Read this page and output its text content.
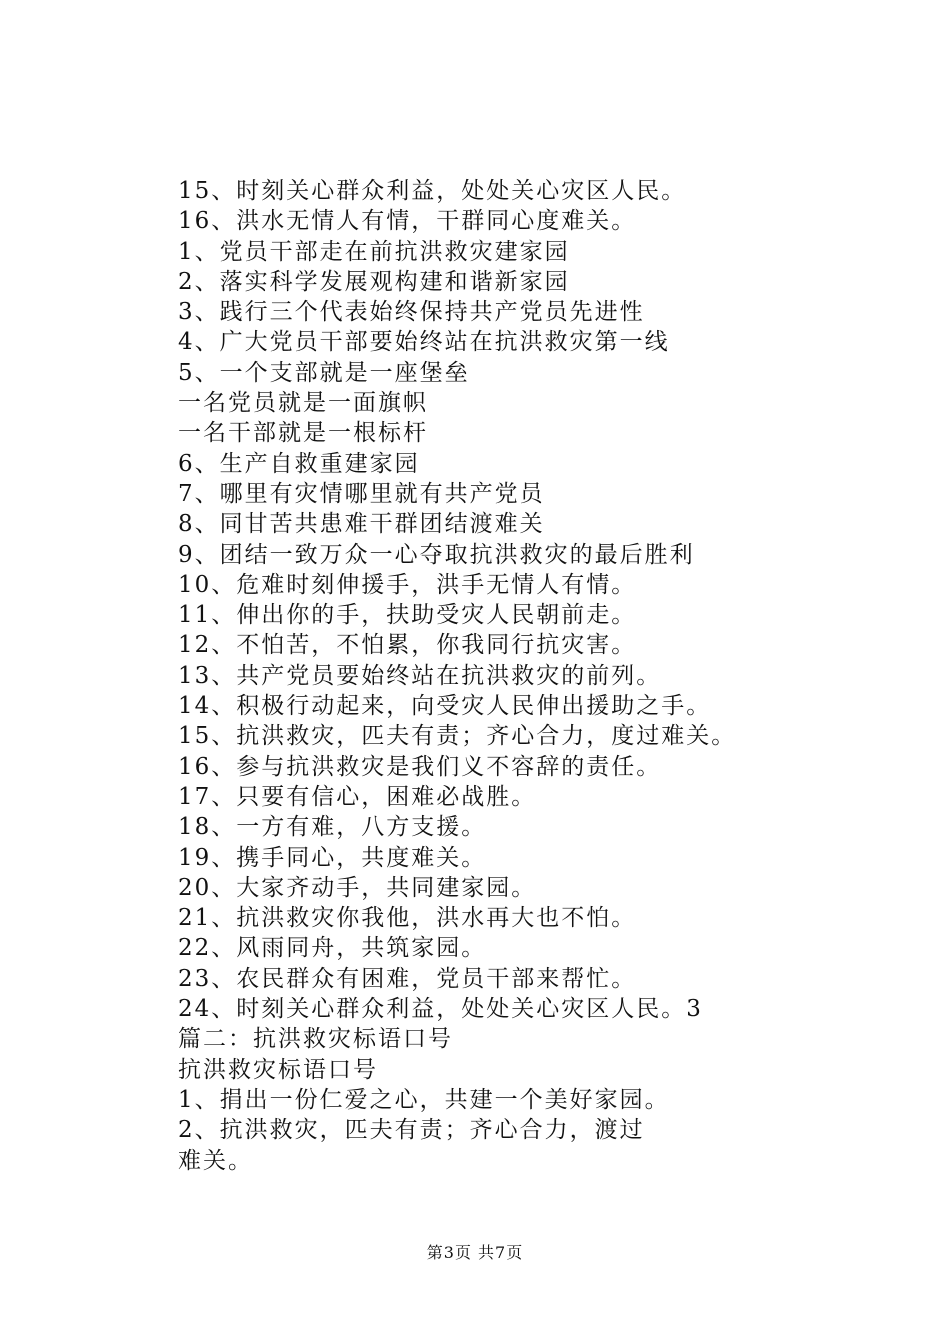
15、时刻关心群众利益，处处关心灾区人民。
16、洪水无情人有情，干群同心度难关。
1、党员干部走在前抗洪救灾建家园
2、落实科学发展观构建和谐新家园
3、践行三个代表始终保持共产党员先进性
4、广大党员干部要始终站在抗洪救灾第一线
5、一个支部就是一座堡垒
一名党员就是一面旗帜
一名干部就是一根标杆
6、生产自救重建家园
7、哪里有灾情哪里就有共产党员
8、同甘苦共患难干群团结渡难关
9、团结一致万众一心夺取抗洪救灾的最后胜利
10、危难时刻伸援手，洪手无情人有情。
11、伸出你的手，扶助受灾人民朝前走。
12、不怕苦，不怕累，你我同行抗灾害。
13、共产党员要始终站在抗洪救灾的前列。
14、积极行动起来，向受灾人民伸出援助之手。
15、抗洪救灾，匹夫有责；齐心合力，度过难关。
16、参与抗洪救灾是我们义不容辞的责任。
17、只要有信心，困难必战胜。
18、一方有难，八方支援。
19、携手同心，共度难关。
20、大家齐动手，共同建家园。
21、抗洪救灾你我他，洪水再大也不怕。
22、风雨同舟，共筑家园。
23、农民群众有困难，党员干部来帮忙。
24、时刻关心群众利益，处处关心灾区人民。3
篇二：抗洪救灾标语口号
抗洪救灾标语口号
1、捐出一份仁爱之心，共建一个美好家园。
2、抗洪救灾，匹夫有责；齐心合力，渡过
难关。
第3页 共7页
